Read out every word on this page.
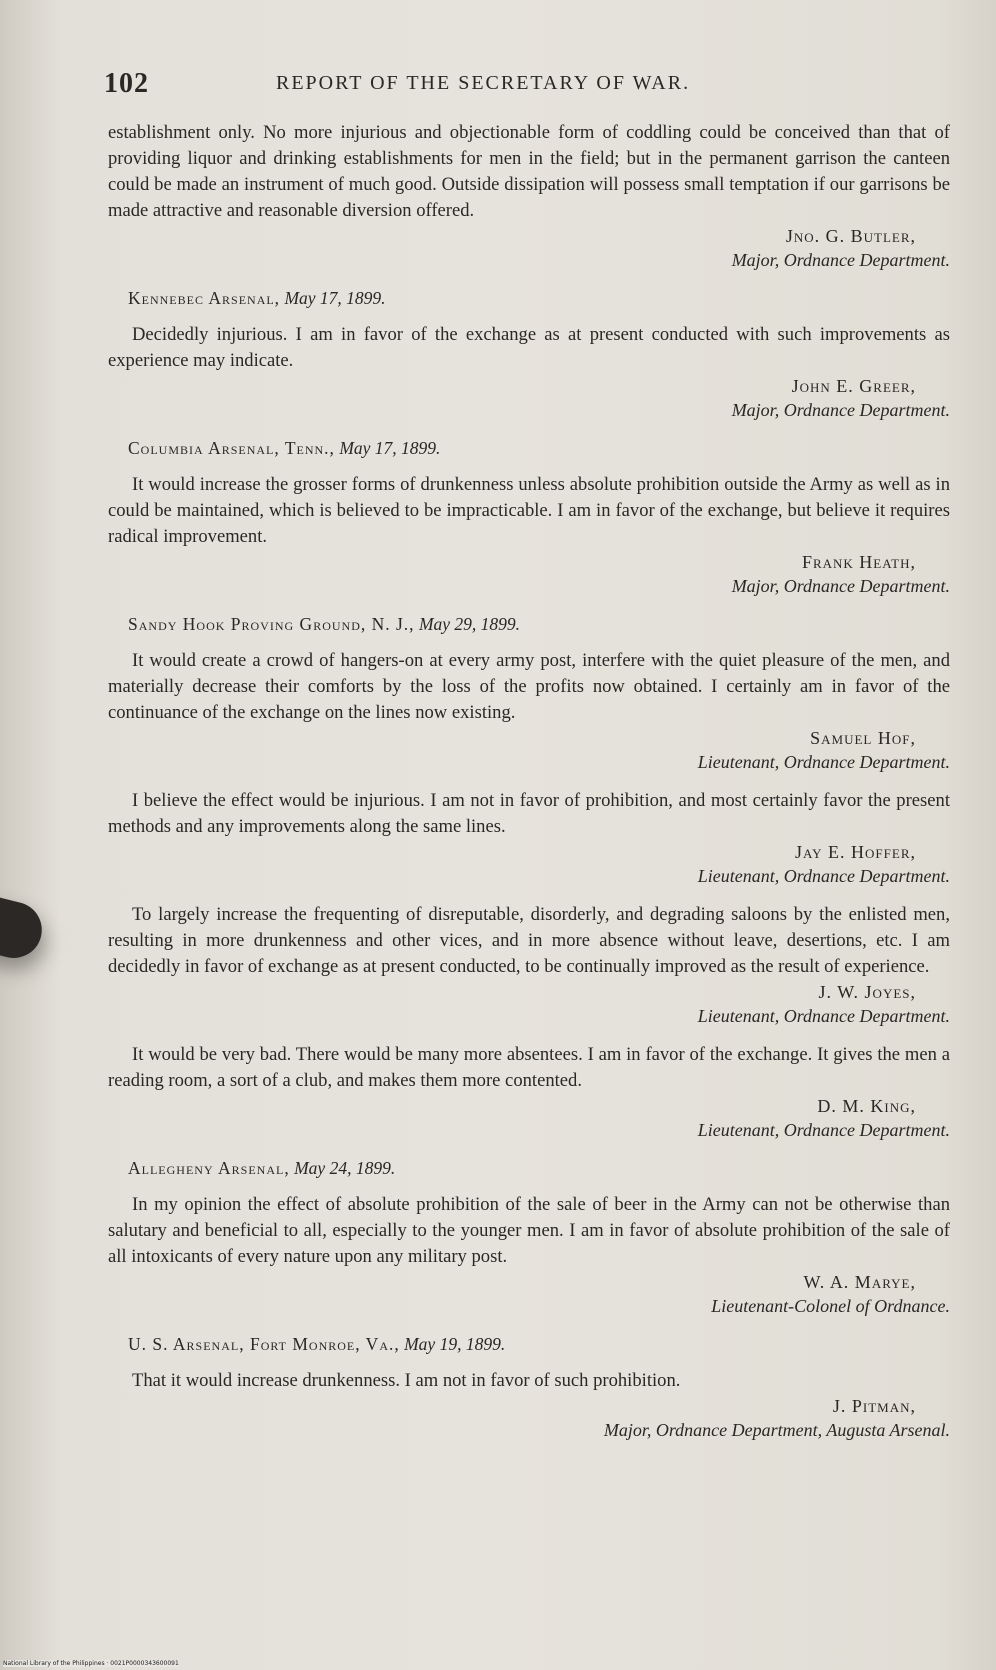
102	REPORT OF THE SECRETARY OF WAR.

establishment only. No more injurious and objectionable form of coddling could be conceived than that of providing liquor and drinking establishments for men in the field; but in the permanent garrison the canteen could be made an instrument of much good. Outside dissipation will possess small temptation if our garrisons be made attractive and reasonable diversion offered.

Jno. G. Butler,
Major, Ordnance Department.
Kennebec Arsenal, May 17, 1899.

Decidedly injurious. I am in favor of the exchange as at present conducted with such improvements as experience may indicate.

John E. Greer,
Major, Ordnance Department.
Columbia Arsenal, Tenn., May 17, 1899.

It would increase the grosser forms of drunkenness unless absolute prohibition outside the Army as well as in could be maintained, which is believed to be impracticable. I am in favor of the exchange, but believe it requires radical improvement.

Frank Heath,
Major, Ordnance Department.
Sandy Hook Proving Ground, N. J., May 29, 1899.

It would create a crowd of hangers-on at every army post, interfere with the quiet pleasure of the men, and materially decrease their comforts by the loss of the profits now obtained. I certainly am in favor of the continuance of the exchange on the lines now existing.

Samuel Hof,
Lieutenant, Ordnance Department.

I believe the effect would be injurious. I am not in favor of prohibition, and most certainly favor the present methods and any improvements along the same lines.

Jay E. Hoffer,
Lieutenant, Ordnance Department.

To largely increase the frequenting of disreputable, disorderly, and degrading saloons by the enlisted men, resulting in more drunkenness and other vices, and in more absence without leave, desertions, etc. I am decidedly in favor of exchange as at present conducted, to be continually improved as the result of experience.

J. W. Joyes,
Lieutenant, Ordnance Department.

It would be very bad. There would be many more absentees. I am in favor of the exchange. It gives the men a reading room, a sort of a club, and makes them more contented.

D. M. King,
Lieutenant, Ordnance Department.
Allegheny Arsenal, May 24, 1899.

In my opinion the effect of absolute prohibition of the sale of beer in the Army can not be otherwise than salutary and beneficial to all, especially to the younger men. I am in favor of absolute prohibition of the sale of all intoxicants of every nature upon any military post.

W. A. Marye,
Lieutenant-Colonel of Ordnance.
U. S. Arsenal, Fort Monroe, Va., May 19, 1899.

That it would increase drunkenness. I am not in favor of such prohibition.

J. Pitman,
Major, Ordnance Department, Augusta Arsenal.
National Library of the Philippines · 0021P0000343600091
